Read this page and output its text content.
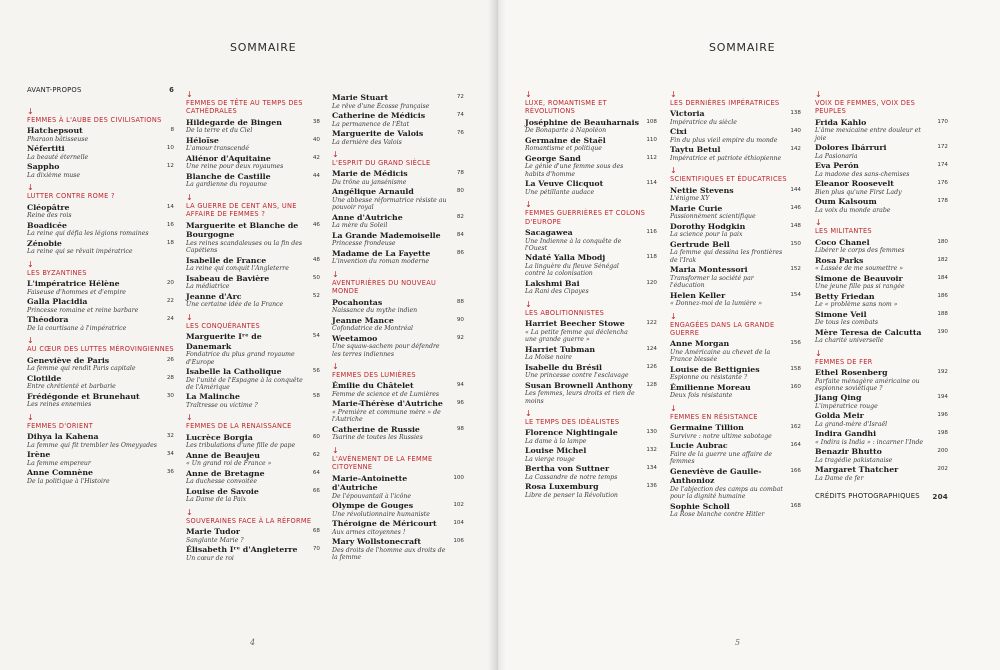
SOMMAIRE
AVANT-PROPOS	6
↓
FEMMES À L'AUBE DES CIVILISATIONS
Hatchepsout
Pharaon bâtisseuse
8
Néfertiti
La beauté éternelle
10
Sappho
La dixième muse
12
↓
LUTTER CONTRE ROME ?
Cléopâtre
Reine des rois
14
Boadicée
La reine qui défia les légions romaines
16
Zénobie
La reine qui se rêvait impératrice
18
↓
LES BYZANTINES
L'impératrice Hélène
Faiseuse d'hommes et d'empire
20
Galla Placidia
Princesse romaine et reine barbare
22
Théodora
De la courtisane à l'impératrice
24
↓
AU CŒUR DES LUTTES MÉROVINGIENNES
Geneviève de Paris
La femme qui rendit Paris capitale
26
Clotilde
Entre chrétienté et barbarie
28
Frédégonde et Brunehaut
Les reines ennemies
30
↓
FEMMES D'ORIENT
Dihya la Kahena
La femme qui fit trembler les Omeyyades
32
Irène
La femme empereur
34
Anne Comnène
De la politique à l'Histoire
36
↓
FEMMES DE TÊTE AU TEMPS DES CATHÉDRALES
Hildegarde de Bingen
De la terre et du Ciel
38
Héloïse
L'amour transcendé
40
Aliénor d'Aquitaine
Une reine pour deux royaumes
42
Blanche de Castille
La gardienne du royaume
44
↓
LA GUERRE DE CENT ANS, UNE AFFAIRE DE FEMMES ?
Marguerite et Blanche de Bourgogne
Les reines scandaleuses ou la fin des Capétiens
46
Isabelle de France
La reine qui conquit l'Angleterre
48
Isabeau de Bavière
La médiatrice
50
Jeanne d'Arc
Une certaine idée de la France
52
↓
LES CONQUÉRANTES
Marguerite Iʳᵉ de Danemark
Fondatrice du plus grand royaume d'Europe
54
Isabelle la Catholique
De l'unité de l'Espagne à la conquête de l'Amérique
56
La Malinche
Traîtresse ou victime ?
58
↓
FEMMES DE LA RENAISSANCE
Lucrèce Borgia
Les tribulations d'une fille de pape
60
Anne de Beaujeu
« Un grand roi de France »
62
Anne de Bretagne
La duchesse convoitée
64
Louise de Savoie
La Dame de la Paix
66
↓
SOUVERAINES FACE À LA RÉFORME
Marie Tudor
Sanglante Marie ?
68
Élisabeth Iʳᵉ d'Angleterre
Un cœur de roi
70
Marie Stuart
Le rêve d'une Écosse française
72
Catherine de Médicis
La permanence de l'État
74
Marguerite de Valois
La dernière des Valois
76
↓
L'ESPRIT DU GRAND SIÈCLE
Marie de Médicis
Du trône au jansénisme
78
Angélique Arnauld
Une abbesse réformatrice résiste au pouvoir royal
80
Anne d'Autriche
La mère du Soleil
82
La Grande Mademoiselle
Princesse frondeuse
84
Madame de La Fayette
L'invention du roman moderne
86
↓
AVENTURIÈRES DU NOUVEAU MONDE
Pocahontas
Naissance du mythe indien
88
Jeanne Mance
Cofondatrice de Montréal
90
Weetamoo
Une squaw-sachem pour défendre les terres indiennes
92
↓
FEMMES DES LUMIÈRES
Émilie du Châtelet
Femme de science et de Lumières
94
Marie-Thérèse d'Autriche
« Première et commune mère » de l'Autriche
96
Catherine de Russie
Tsarine de toutes les Russies
98
↓
L'AVÈNEMENT DE LA FEMME CITOYENNE
Marie-Antoinette d'Autriche
De l'épouvantail à l'icône
100
Olympe de Gouges
Une révolutionnaire humaniste
102
Théroigne de Méricourt
Aux armes citoyennes !
104
Mary Wollstonecraft
Des droits de l'homme aux droits de la femme
106
4
SOMMAIRE
↓
LUXE, ROMANTISME ET RÉVOLUTIONS
Joséphine de Beauharnais
De Bonaparte à Napoléon
108
Germaine de Staël
Romantisme et politique
110
George Sand
Le génie d'une femme sous des habits d'homme
112
La Veuve Clicquot
Une pétillante audace
114
↓
FEMMES GUERRIÈRES ET COLONS D'EUROPE
Sacagawea
Une Indienne à la conquête de l'Ouest
116
Ndaté Yalla Mbodj
La linguère du fleuve Sénégal contre la colonisation
118
Lakshmi Bai
La Rani des Cipayes
120
↓
LES ABOLITIONNISTES
Harriet Beecher Stowe
« La petite femme qui déclencha une grande guerre »
122
Harriet Tubman
La Moïse noire
124
Isabelle du Brésil
Une princesse contre l'esclavage
126
Susan Brownell Anthony
Les femmes, leurs droits et rien de moins
128
↓
LE TEMPS DES IDÉALISTES
Florence Nightingale
La dame à la lampe
130
Louise Michel
La vierge rouge
132
Bertha von Suttner
La Cassandre de notre temps
134
Rosa Luxemburg
Libre de penser la Révolution
136
↓
LES DERNIÈRES IMPÉRATRICES
Victoria
Impératrice du siècle
138
Cixi
Fin du plus vieil empire du monde
140
Taytu Betul
Impératrice et patriote éthiopienne
142
↓
SCIENTIFIQUES ET ÉDUCATRICES
Nettie Stevens
L'énigme XY
144
Marie Curie
Passionnément scientifique
146
Dorothy Hodgkin
La science pour la paix
148
Gertrude Bell
La femme qui dessina les frontières de l'Irak
150
Maria Montessori
Transformer la société par l'éducation
152
Helen Keller
« Donnez-moi de la lumière »
154
↓
ENGAGÉES DANS LA GRANDE GUERRE
Anne Morgan
Une Américaine au chevet de la France blessée
156
Louise de Bettignies
Espionne ou résistante ?
158
Émilienne Moreau
Deux fois résistante
160
↓
FEMMES EN RÉSISTANCE
Germaine Tillion
Survivre : notre ultime sabotage
162
Lucie Aubrac
Faire de la guerre une affaire de femmes
164
Geneviève de Gaulle-Anthonioz
De l'abjection des camps au combat pour la dignité humaine
166
Sophie Scholl
La Rose blanche contre Hitler
168
↓
VOIX DE FEMMES, VOIX DES PEUPLES
Frida Kahlo
L'âme mexicaine entre douleur et joie
170
Dolores Ibárruri
La Pasionaria
172
Eva Perón
La madone des sans-chemises
174
Eleanor Roosevelt
Bien plus qu'une First Lady
176
Oum Kalsoum
La voix du monde arabe
178
↓
LES MILITANTES
Coco Chanel
Libérer le corps des femmes
180
Rosa Parks
« Lassée de me soumettre »
182
Simone de Beauvoir
Une jeune fille pas si rangée
184
Betty Friedan
Le « problème sans nom »
186
Simone Veil
De tous les combats
188
Mère Teresa de Calcutta
La charité universelle
190
↓
FEMMES DE FER
Ethel Rosenberg
Parfaite ménagère américaine ou espionne soviétique ?
192
Jiang Qing
L'impératrice rouge
194
Golda Meir
La grand-mère d'Israël
196
Indira Gandhi
« Indira is India » : incarner l'Inde
198
Benazir Bhutto
La tragédie pakistanaise
200
Margaret Thatcher
La Dame de fer
202
CRÉDITS PHOTOGRAPHIQUES 204
5
